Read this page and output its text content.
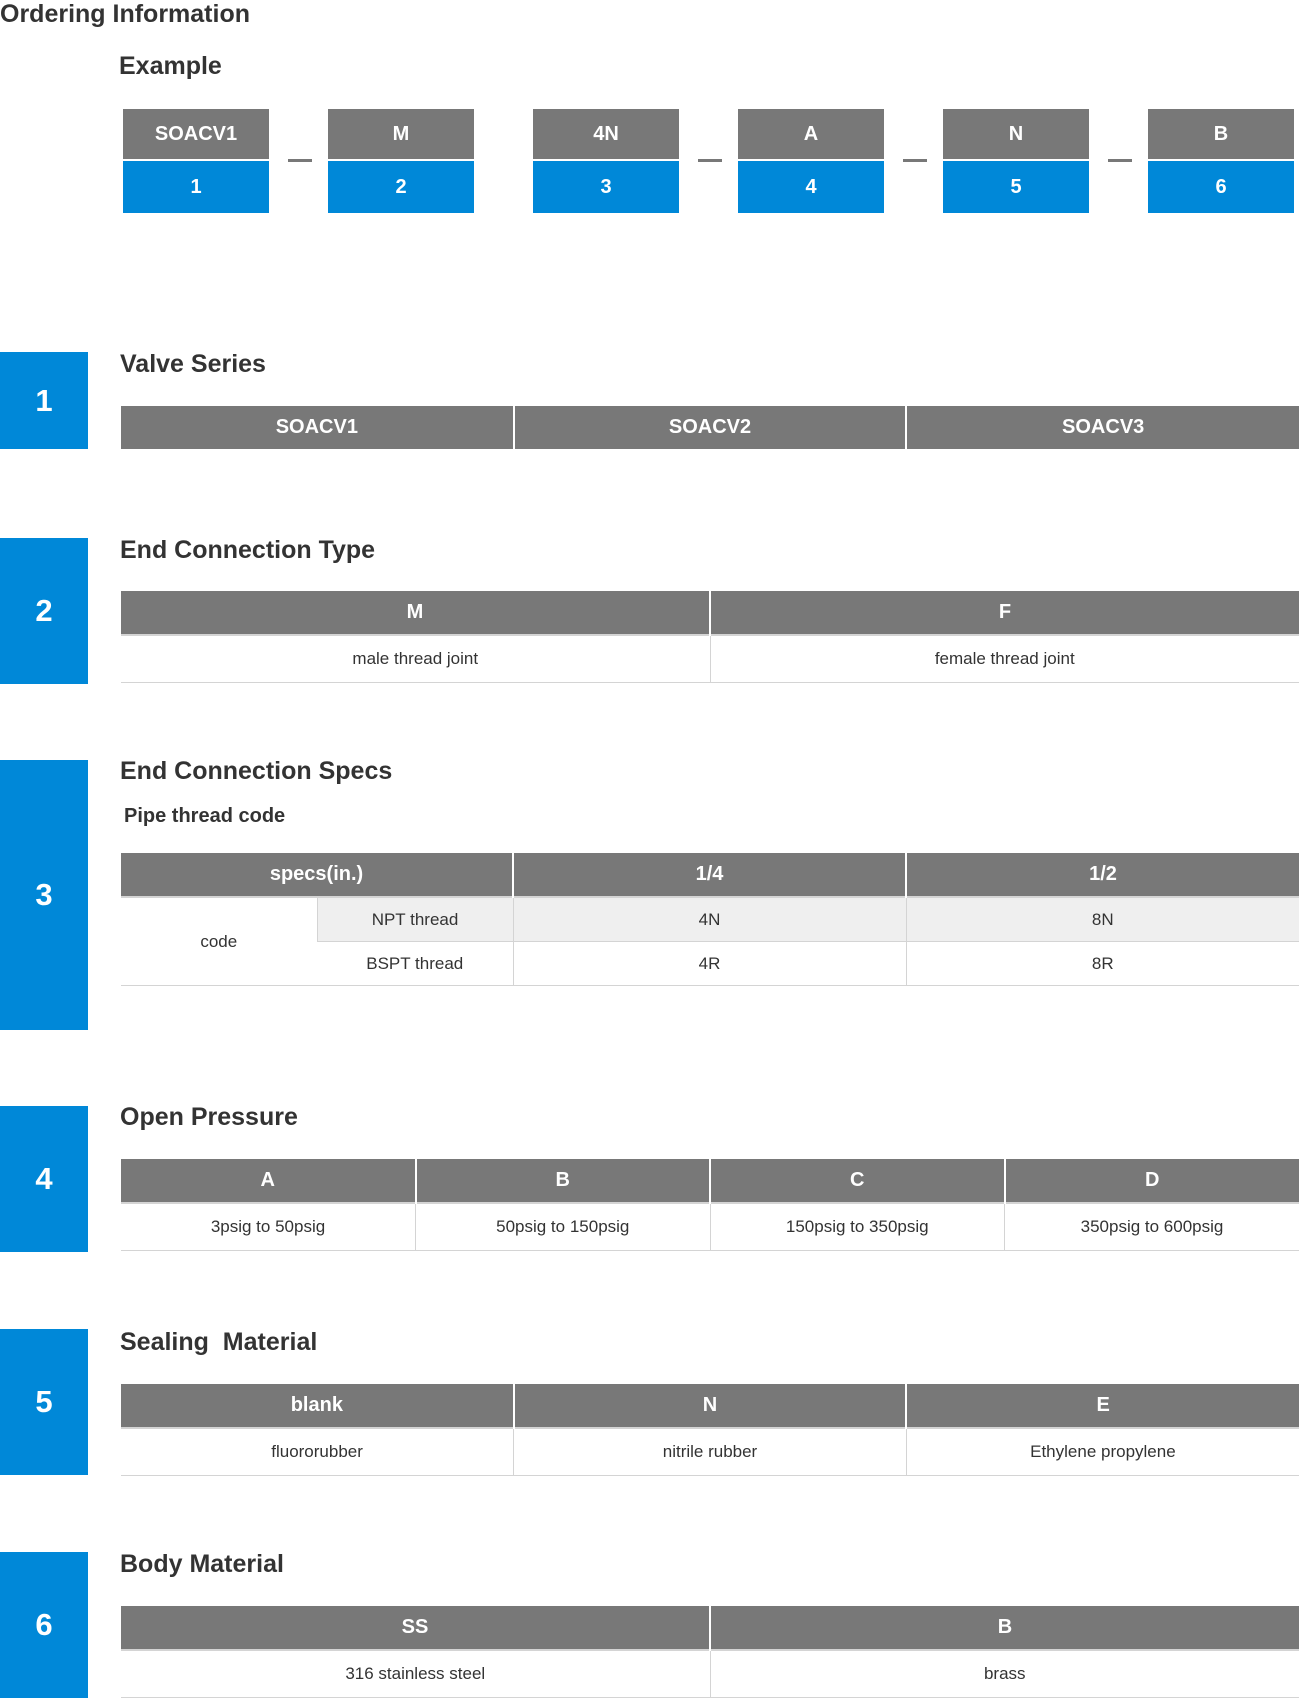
Ordering Information
Example
SOACV1
1
M
2
4N
3
A
4
N
5
B
6
1
Valve Series
SOACV1	SOACV2	SOACV3
2
End Connection Type
M	F
male thread joint	female thread joint
3
End Connection Specs
Pipe thread code
specs(in.)		1/4	1/2
code	NPT thread	4N	8N
	BSPT thread	4R	8R
4
Open Pressure
A	B	C	D
3psig to 50psig	50psig to 150psig	150psig to 350psig	350psig to 600psig
5
Sealing  Material
blank	N	E
fluororubber	nitrile rubber	Ethylene propylene
6
Body Material
SS	B
316 stainless steel	brass
